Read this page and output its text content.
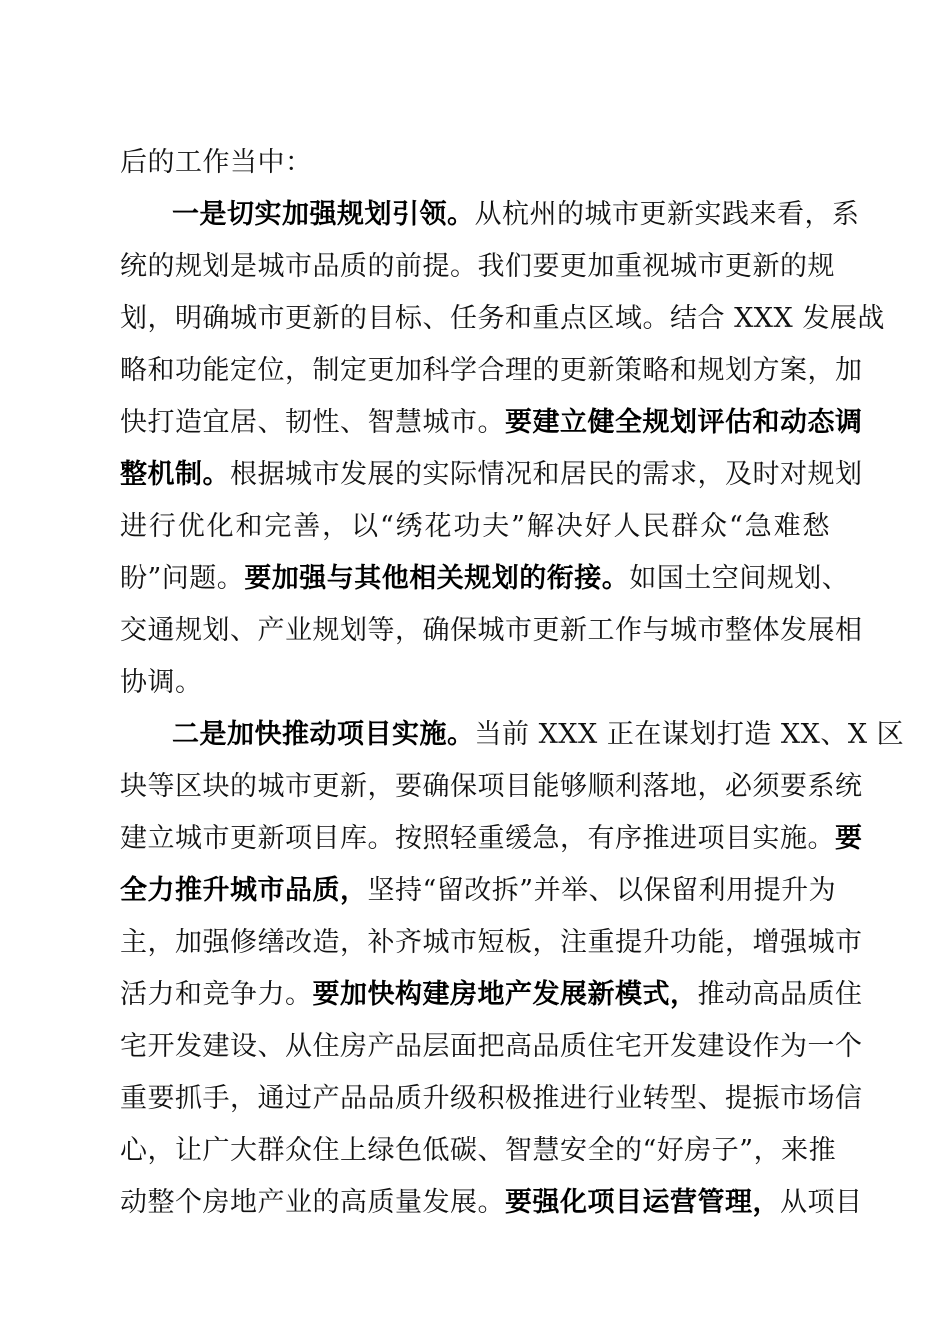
后的工作当中：
一是切实加强规划引领。从杭州的城市更新实践来看，系
统的规划是城市品质的前提。我们要更加重视城市更新的规
划，明确城市更新的目标、任务和重点区域。结合 XXX 发展战
略和功能定位，制定更加科学合理的更新策略和规划方案，加
快打造宜居、韧性、智慧城市。要建立健全规划评估和动态调
整机制。根据城市发展的实际情况和居民的需求，及时对规划
进行优化和完善，以“绣花功夫”解决好人民群众“急难愁
盼”问题。要加强与其他相关规划的衔接。如国土空间规划、
交通规划、产业规划等，确保城市更新工作与城市整体发展相
协调。
二是加快推动项目实施。当前 XXX 正在谋划打造 XX、X 区
块等区块的城市更新，要确保项目能够顺利落地，必须要系统
建立城市更新项目库。按照轻重缓急，有序推进项目实施。要
全力推升城市品质，坚持“留改拆”并举、以保留利用提升为
主，加强修缮改造，补齐城市短板，注重提升功能，增强城市
活力和竞争力。要加快构建房地产发展新模式，推动高品质住
宅开发建设、从住房产品层面把高品质住宅开发建设作为一个
重要抓手，通过产品品质升级积极推进行业转型、提振市场信
心，让广大群众住上绿色低碳、智慧安全的“好房子”，来推
动整个房地产业的高质量发展。要强化项目运营管理，从项目
